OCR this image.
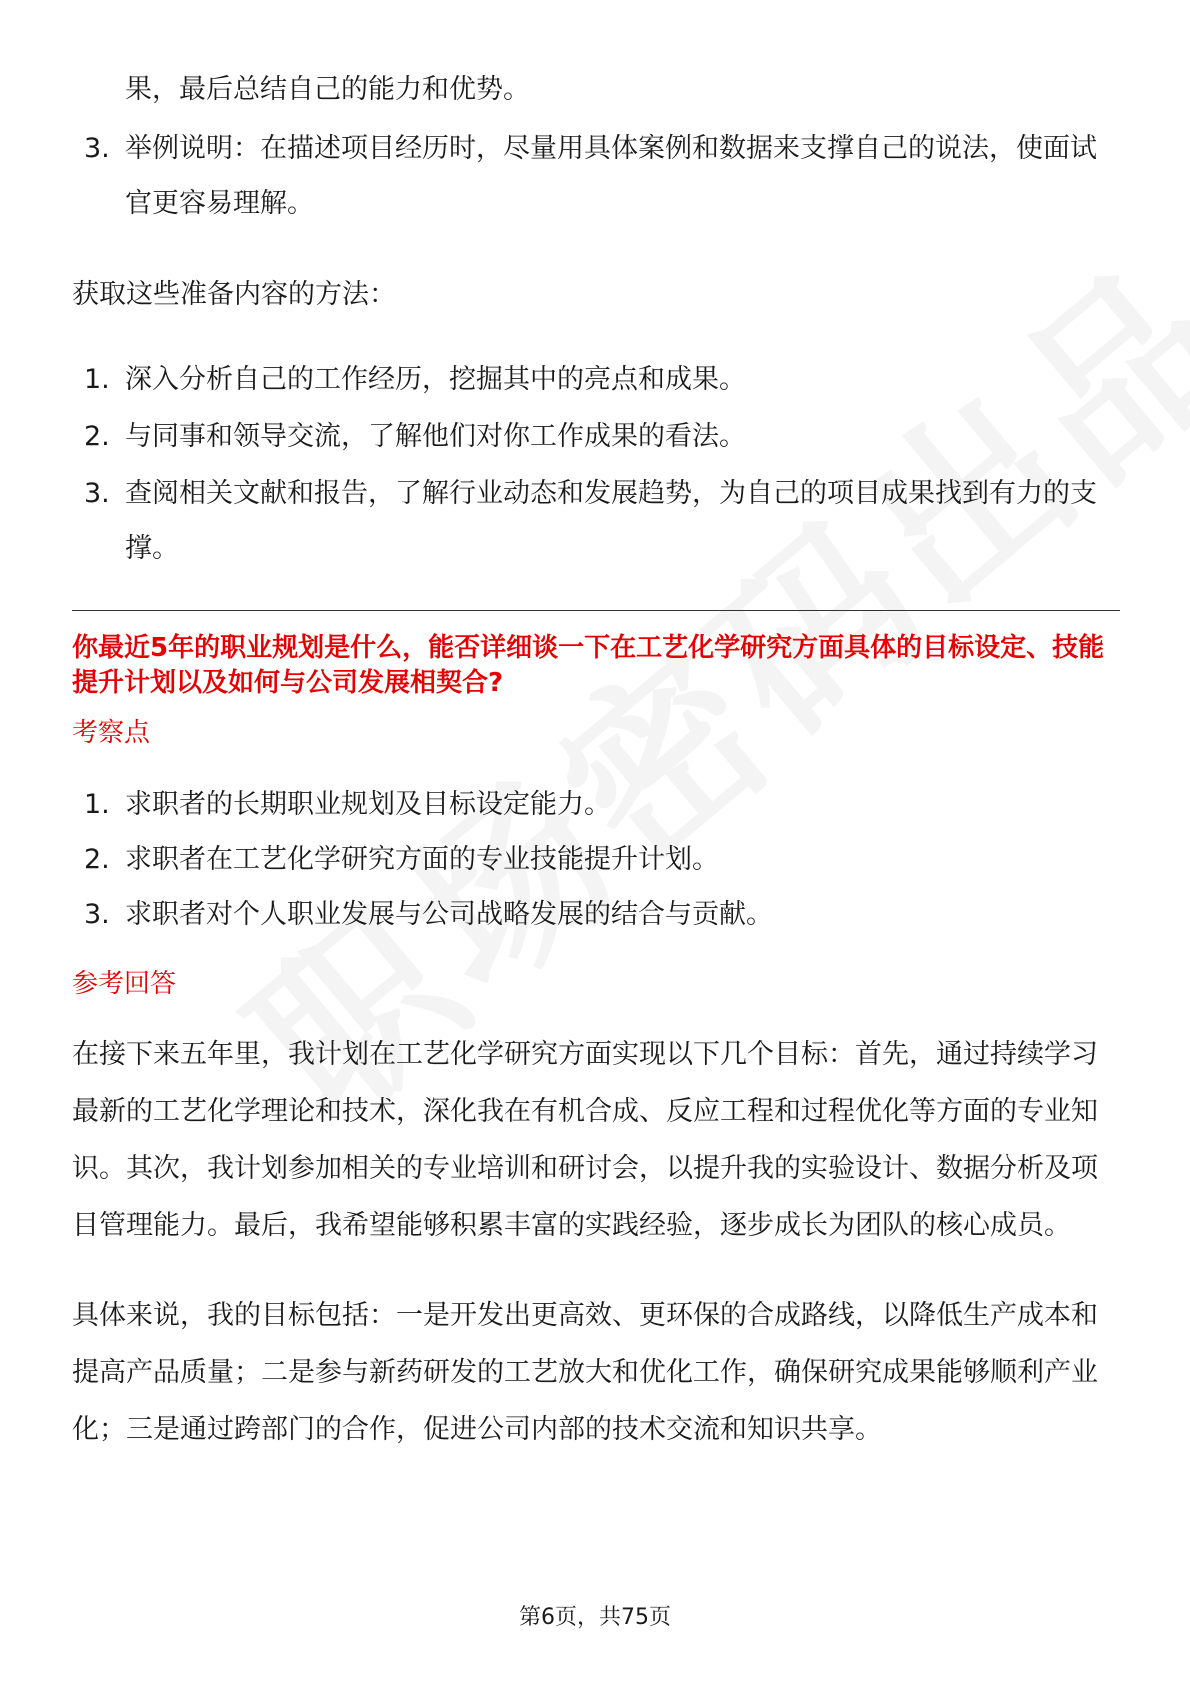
果，最后总结自己的能力和优势。
3. 举例说明：在描述项目经历时，尽量用具体案例和数据来支撑自己的说法，使面试官更容易理解。

获取这些准备内容的方法：

1. 深入分析自己的工作经历，挖掘其中的亮点和成果。
2. 与同事和领导交流，了解他们对你工作成果的看法。
3. 查阅相关文献和报告，了解行业动态和发展趋势，为自己的项目成果找到有力的支撑。
你最近5年的职业规划是什么，能否详细谈一下在工艺化学研究方面具体的目标设定、技能提升计划以及如何与公司发展相契合?
考察点
1. 求职者的长期职业规划及目标设定能力。
2. 求职者在工艺化学研究方面的专业技能提升计划。
3. 求职者对个人职业发展与公司战略发展的结合与贡献。
参考回答

在接下来五年里，我计划在工艺化学研究方面实现以下几个目标：首先，通过持续学习最新的工艺化学理论和技术，深化我在有机合成、反应工程和过程优化等方面的专业知识。其次，我计划参加相关的专业培训和研讨会，以提升我的实验设计、数据分析及项目管理能力。最后，我希望能够积累丰富的实践经验，逐步成长为团队的核心成员。

具体来说，我的目标包括：一是开发出更高效、更环保的合成路线，以降低生产成本和提高产品质量；二是参与新药研发的工艺放大和优化工作，确保研究成果能够顺利产业化；三是通过跨部门的合作，促进公司内部的技术交流和知识共享。

第6页，共75页
